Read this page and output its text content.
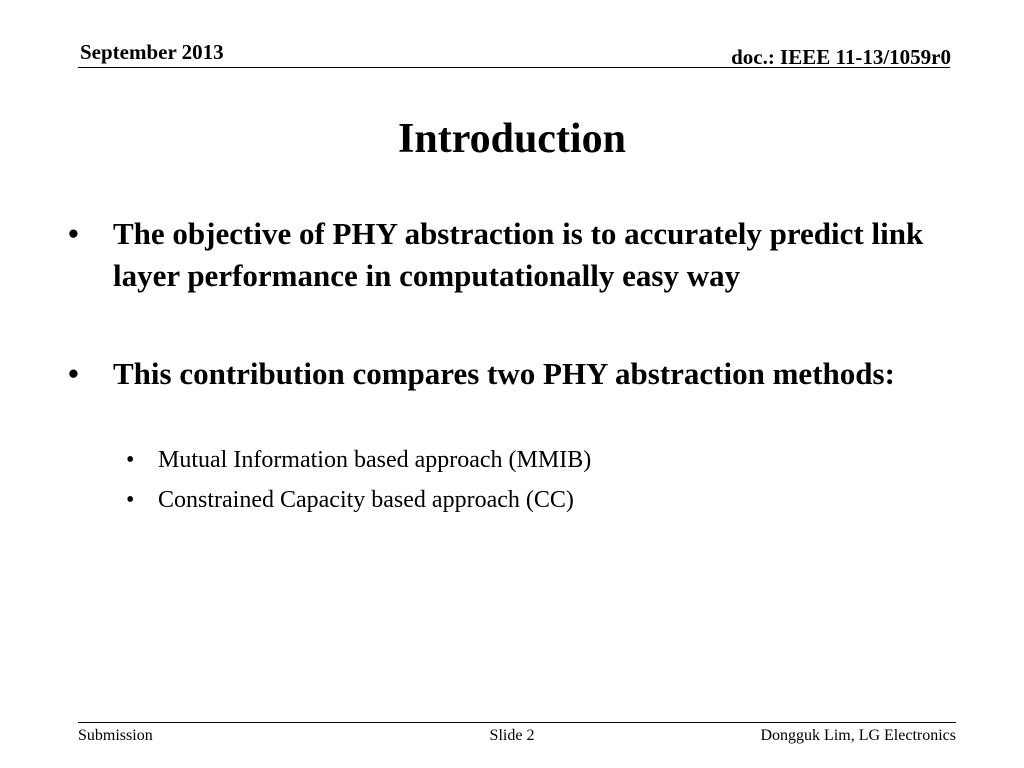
September 2013	doc.: IEEE 11-13/1059r0
Introduction
•	The objective of PHY abstraction is to accurately predict link layer performance in computationally easy way
•	This contribution compares two PHY abstraction methods:
• Mutual Information based approach (MMIB)
• Constrained Capacity based approach (CC)
Submission	Slide 2	Dongguk Lim, LG Electronics
